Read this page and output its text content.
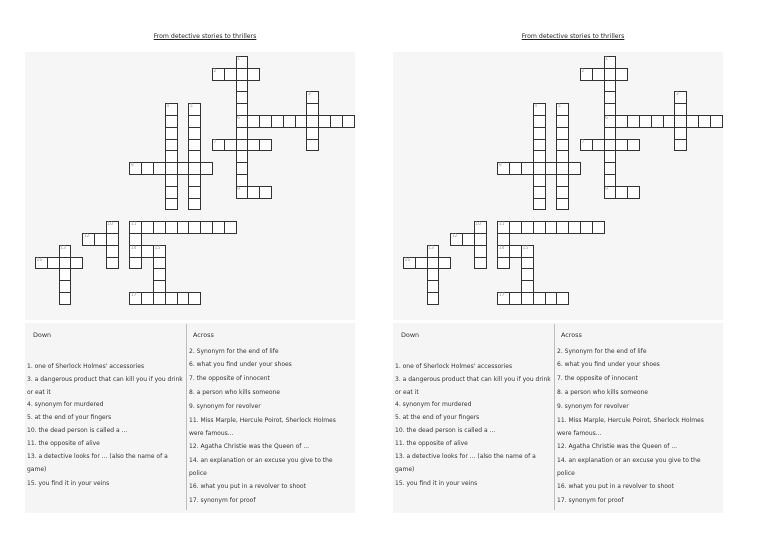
From detective stories to thrillers
1
2
3
4	5
6
7
8
9
10	11
12
13	14	15
16
17
Down	Across
1. one of Sherlock Holmes' accessories
3. a dangerous product that can kill you if you drink or eat it
4. synonym for murdered
5. at the end of your fingers
10. the dead person is called a ...
11. the opposite of alive
13. a detective looks for ... (also the name of a game)
15. you find it in your veins
2. Synonym for the end of life
6. what you find under your shoes
7. the opposite of innocent
8. a person who kills someone
9. synonym for revolver
11. Miss Marple, Hercule Poirot, Sherlock Holmes were famous...
12. Agatha Christie was the Queen of ...
14. an explanation or an excuse you give to the police
16. what you put in a revolver to shoot
17. synonym for proof
From detective stories to thrillers
1
2
3
4	5
6
7
8
9
10	11
12
13	14	15
16
17
Down	Across
1. one of Sherlock Holmes' accessories
3. a dangerous product that can kill you if you drink or eat it
4. synonym for murdered
5. at the end of your fingers
10. the dead person is called a ...
11. the opposite of alive
13. a detective looks for ... (also the name of a game)
15. you find it in your veins
2. Synonym for the end of life
6. what you find under your shoes
7. the opposite of innocent
8. a person who kills someone
9. synonym for revolver
11. Miss Marple, Hercule Poirot, Sherlock Holmes were famous...
12. Agatha Christie was the Queen of ...
14. an explanation or an excuse you give to the police
16. what you put in a revolver to shoot
17. synonym for proof
